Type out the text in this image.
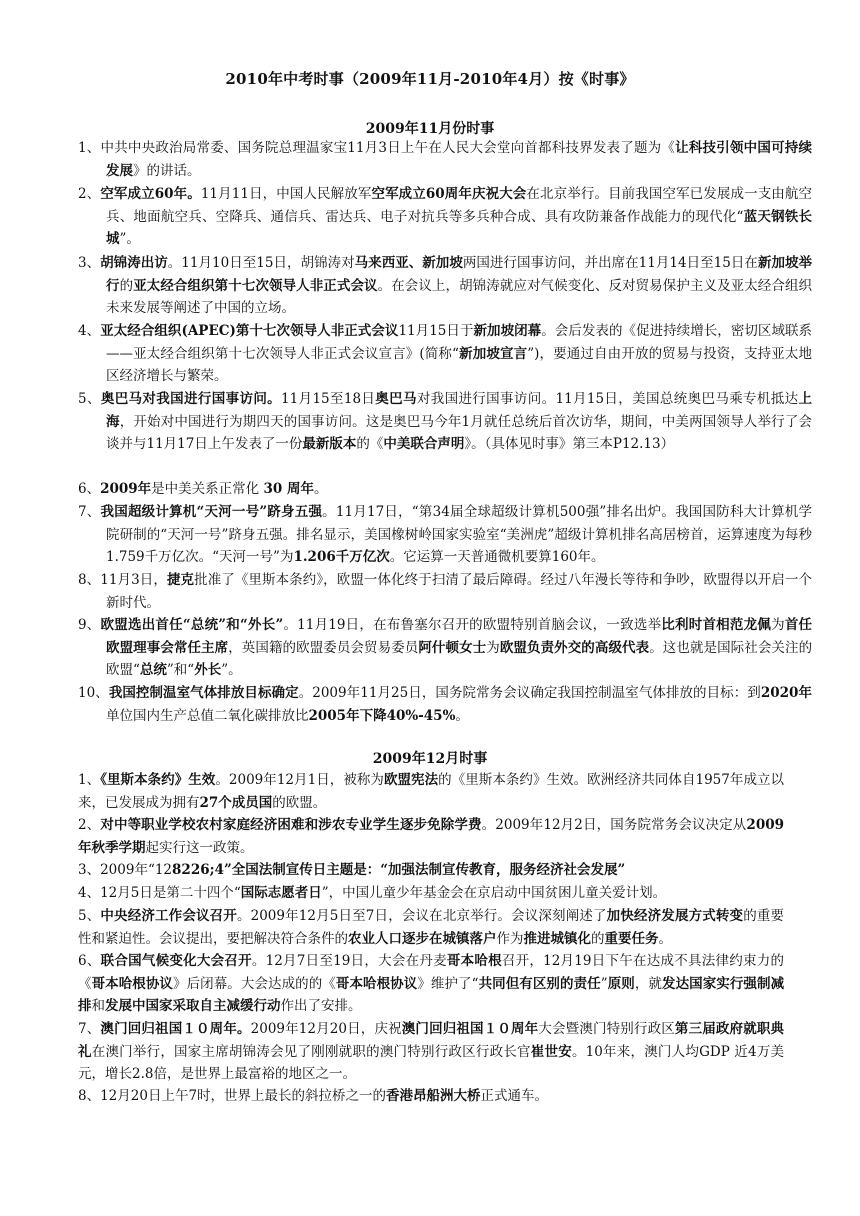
2010年中考时事（2009年11月-2010年4月）按《时事》
2009年11月份时事
1、中共中央政治局常委、国务院总理温家宝11月3日上午在人民大会堂向首都科技界发表了题为《让科技引领中国可持续发展》的讲话。
2、空军成立60年。11月11日，中国人民解放军空军成立60周年庆祝大会在北京举行。目前我国空军已发展成一支由航空兵、地面航空兵、空降兵、通信兵、雷达兵、电子对抗兵等多兵种合成、具有攻防兼备作战能力的现代化“蓝天钢铁长城”。
3、胡锦涛出访。11月10日至15日，胡锦涛对马来西亚、新加坡两国进行国事访问，并出席在11月14日至15日在新加坡举行的亚太经合组织第十七次领导人非正式会议。在会议上，胡锦涛就应对气候变化、反对贸易保护主义及亚太经合组织未来发展等阐述了中国的立场。
4、亚太经合组织(APEC)第十七次领导人非正式会议11月15日于新加坡闭幕。会后发表的《促进持续增长，密切区域联系——亚太经合组织第十七次领导人非正式会议宣言》(简称“新加坡宣言”)，要通过自由开放的贸易与投资，支持亚太地区经济增长与繁荣。
5、奥巴马对我国进行国事访问。11月15至18日奥巴马对我国进行国事访问。11月15日，美国总统奥巴马乘专机抵达上海，开始对中国进行为期四天的国事访问。这是奥巴马今年1月就任总统后首次访华，期间，中美两国领导人举行了会谈并与11月17日上午发表了一份最新版本的《中美联合声明》。（具体见时事》第三本P12.13）
6、2009年是中美关系正常化 30 周年。
7、我国超级计算机“天河一号”跻身五强。11月17日，“第34届全球超级计算机500强”排名出炉。我国国防科大计算机学院研制的“天河一号”跻身五强。排名显示，美国橡树岭国家实验室“美洲虎”超级计算机排名高居榜首，运算速度为每秒1.759千万亿次。“天河一号”为1.206千万亿次。它运算一天普通微机要算160年。
8、11月3日，捷克批准了《里斯本条约》，欧盟一体化终于扫清了最后障碍。经过八年漫长等待和争吵，欧盟得以开启一个新时代。
9、欧盟选出首任“总统”和“外长”。11月19日，在布鲁塞尔召开的欧盟特别首脑会议，一致选举比利时首相范龙佩为首任欧盟理事会常任主席，英国籍的欧盟委员会贸易委员阿什顿女士为欧盟负责外交的高级代表。这也就是国际社会关注的欧盟“总统”和“外长”。
10、我国控制温室气体排放目标确定。2009年11月25日，国务院常务会议确定我国控制温室气体排放的目标：到2020年单位国内生产总值二氧化碳排放比2005年下降40%-45%。
2009年12月时事
1、《里斯本条约》生效。2009年12月1日，被称为欧盟宪法的《里斯本条约》生效。欧洲经济共同体自1957年成立以来，已发展成为拥有27个成员国的欧盟。
2、对中等职业学校农村家庭经济困难和涉农专业学生逐步免除学费。2009年12月2日，国务院常务会议决定从2009年秋季学期起实行这一政策。
3、2009年“128226;4”全国法制宣传日主题是：“加强法制宣传教育，服务经济社会发展”
4、12月5日是第二十四个“国际志愿者日”，中国儿童少年基金会在京启动中国贫困儿童关爱计划。
5、中央经济工作会议召开。2009年12月5日至7日，会议在北京举行。会议深刻阐述了加快经济发展方式转变的重要性和紧迫性。会议提出，要把解决符合条件的农业人口逐步在城镇落户作为推进城镇化的重要任务。
6、联合国气候变化大会召开。12月7日至19日，大会在丹麦哥本哈根召开，12月19日下午在达成不具法律约束力的《哥本哈根协议》后闭幕。大会达成的的《哥本哈根协议》维护了“共同但有区别的责任”原则，就发达国家实行强制减排和发展中国家采取自主减缓行动作出了安排。
7、澳门回归祖国１０周年。2009年12月20日，庆祝澳门回归祖国１０周年大会暨澳门特别行政区第三届政府就职典礼在澳门举行，国家主席胡锦涛会见了刚刚就职的澳门特别行政区行政长官崔世安。10年来，澳门人均GDP 近4万美元，增长2.8倍，是世界上最富裕的地区之一。
8、12月20日上午7时，世界上最长的斜拉桥之一的香港昂船洲大桥正式通车。
